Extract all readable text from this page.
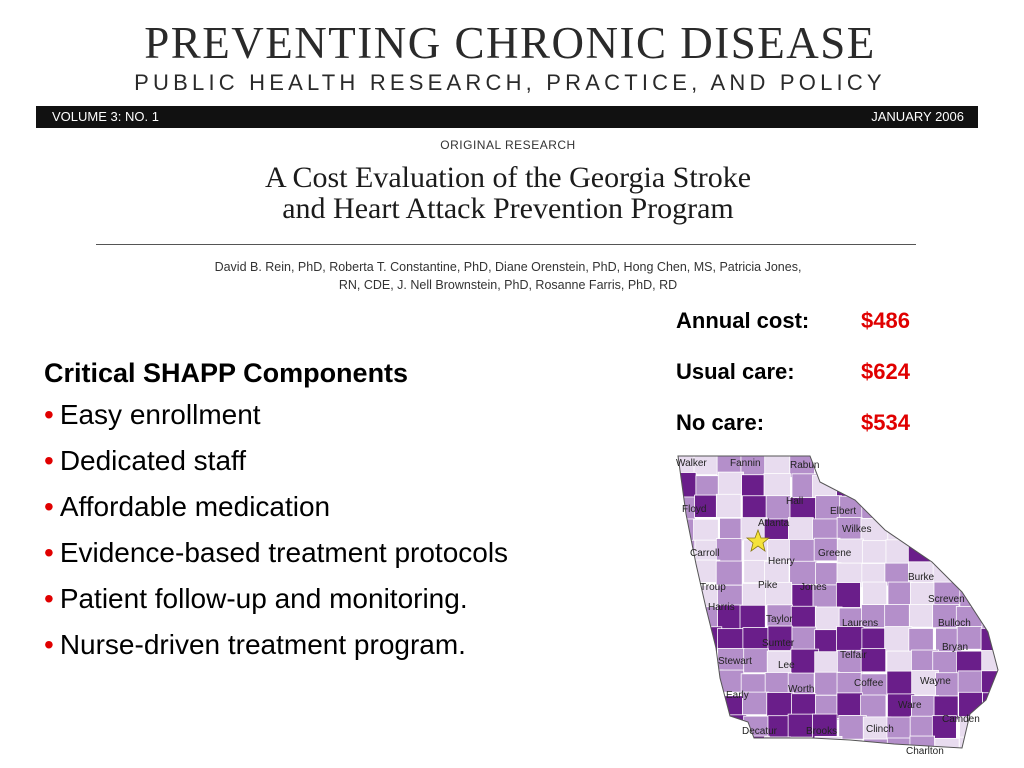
PREVENTING CHRONIC DISEASE
PUBLIC HEALTH RESEARCH, PRACTICE, AND POLICY
VOLUME 3: NO. 1	JANUARY 2006
ORIGINAL RESEARCH
A Cost Evaluation of the Georgia Stroke
and Heart Attack Prevention Program
David B. Rein, PhD, Roberta T. Constantine, PhD, Diane Orenstein, PhD, Hong Chen, MS, Patricia Jones,
RN, CDE, J. Nell Brownstein, PhD, Rosanne Farris, PhD, RD
Annual cost: $486
Usual care:	$624
No care:	$534
Critical SHAPP Components
• Easy enrollment
• Dedicated staff
• Affordable medication
• Evidence-based treatment protocols
• Patient follow-up and monitoring.
• Nurse-driven treatment program.
Walker Fannin	Rabun
Floyd
Hall
Elbert
Atlanta
Wilkes
Carroll
Henry
Greene
Troup	Pike Jones
Burke
Harris
Screven
Taylor	Laurens	Bulloch
Sumter	Bryan
Telfair
Stewart	Lee
Coffee	Wayne
Worth
Early
Ware
Camden
Decatur	Brooks	Clinch
Charlton
